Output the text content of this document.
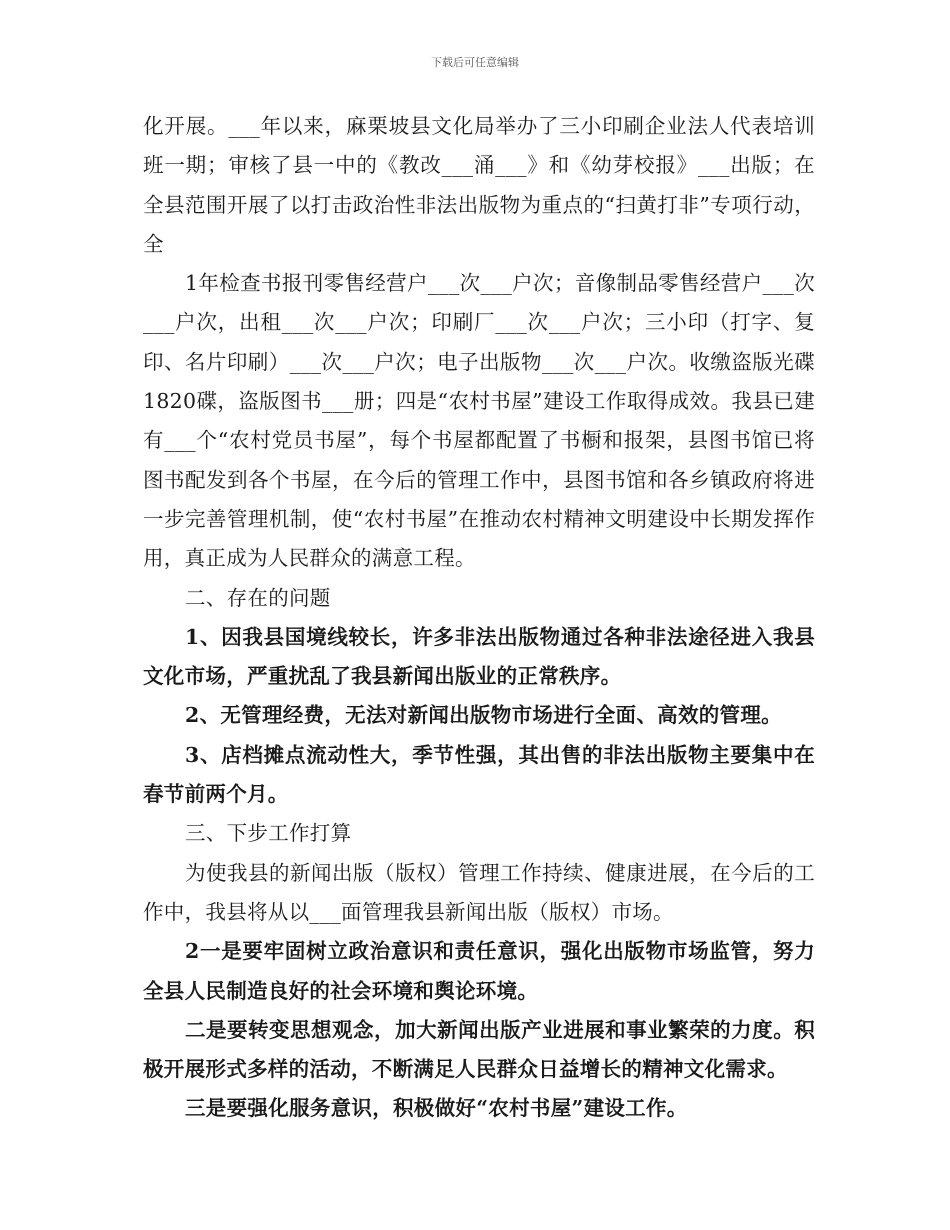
下载后可任意编辑

化开展。___年以来，麻栗坡县文化局举办了三小印刷企业法人代表培训班一期；审核了县一中的《教改___涌___》和《幼芽校报》___出版；在全县范围开展了以打击政治性非法出版物为重点的“扫黄打非”专项行动，全

1年检查书报刊零售经营户___次___户次；音像制品零售经营户___次___户次，出租___次___户次；印刷厂___次___户次；三小印（打字、复印、名片印刷）___次___户次；电子出版物___次___户次。收缴盗版光碟1820碟，盗版图书___册；四是“农村书屋”建设工作取得成效。我县已建有___个“农村党员书屋”，每个书屋都配置了书橱和报架，县图书馆已将图书配发到各个书屋，在今后的管理工作中，县图书馆和各乡镇政府将进一步完善管理机制，使“农村书屋”在推动农村精神文明建设中长期发挥作用，真正成为人民群众的满意工程。

二、存在的问题

1、因我县国境线较长，许多非法出版物通过各种非法途径进入我县文化市场，严重扰乱了我县新闻出版业的正常秩序。

2、无管理经费，无法对新闻出版物市场进行全面、高效的管理。

3、店档摊点流动性大，季节性强，其出售的非法出版物主要集中在春节前两个月。

三、下步工作打算

为使我县的新闻出版（版权）管理工作持续、健康进展，在今后的工作中，我县将从以___面管理我县新闻出版（版权）市场。

2一是要牢固树立政治意识和责任意识，强化出版物市场监管，努力全县人民制造良好的社会环境和舆论环境。

二是要转变思想观念，加大新闻出版产业进展和事业繁荣的力度。积极开展形式多样的活动，不断满足人民群众日益增长的精神文化需求。

三是要强化服务意识，积极做好“农村书屋”建设工作。
